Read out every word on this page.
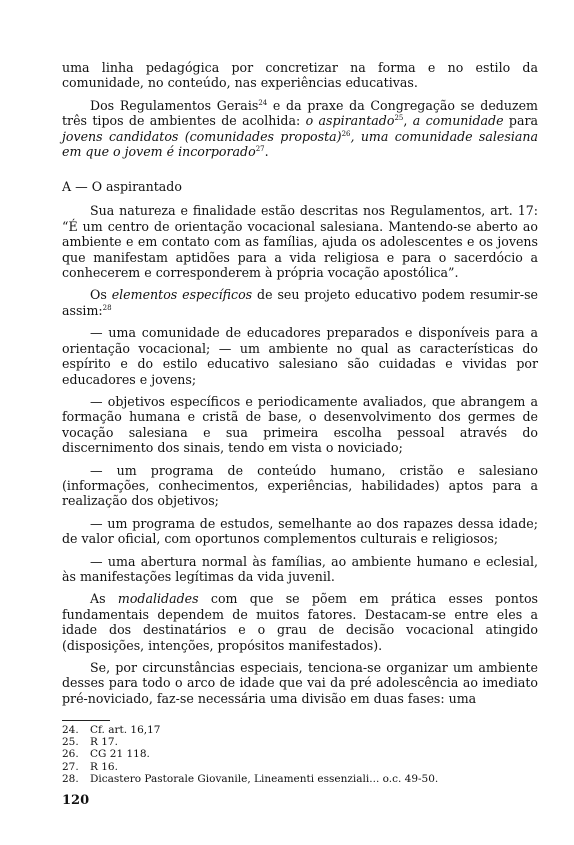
uma linha pedagógica por concretizar na forma e no estilo da comunidade, no conteúdo, nas experiências educativas.

Dos Regulamentos Gerais$^{24}$ e da praxe da Congregação se deduzem três tipos de ambientes de acolhida: o aspirantado$^{25}$, a comunidade para jovens candidatos (comunidades proposta)$^{26}$, uma comunidade salesiana em que o jovem é incorporado$^{27}$.

A — O aspirantado

Sua natureza e finalidade estão descritas nos Regulamentos, art. 17: “É um centro de orientação vocacional salesiana. Mantendo-se aberto ao ambiente e em contato com as famílias, ajuda os adolescentes e os jovens que manifestam aptidões para a vida religiosa e para o sacerdócio a conhecerem e corresponderem à própria vocação apostólica”.

Os elementos específicos de seu projeto educativo podem resumir-se assim:$^{28}$

— uma comunidade de educadores preparados e disponíveis para a orientação vocacional; — um ambiente no qual as características do espírito e do estilo educativo salesiano são cuidadas e vividas por educadores e jovens;

— objetivos específicos e periodicamente avaliados, que abrangem a formação humana e cristã de base, o desenvolvimento dos germes de vocação salesiana e sua primeira escolha pessoal através do discernimento dos sinais, tendo em vista o noviciado;

— um programa de conteúdo humano, cristão e salesiano (informações, conhecimentos, experiências, habilidades) aptos para a realização dos objetivos;

— um programa de estudos, semelhante ao dos rapazes dessa idade; de valor oficial, com oportunos complementos culturais e religiosos;

— uma abertura normal às famílias, ao ambiente humano e eclesial, às manifestações legítimas da vida juvenil.

As modalidades com que se põem em prática esses pontos fundamentais dependem de muitos fatores. Destacam-se entre eles a idade dos destinatários e o grau de decisão vocacional atingido (disposições, intenções, propósitos manifestados).

Se, por circunstâncias especiais, tenciona-se organizar um ambiente desses para todo o arco de idade que vai da pré adolescência ao imediato pré-noviciado, faz-se necessária uma divisão em duas fases: uma

24.	Cf. art. 16,17
25.	R 17.
26.	CG 21 118.
27.	R 16.
28.	Dicastero Pastorale Giovanile, Lineamenti essenziali... o.c. 49-50.
120
